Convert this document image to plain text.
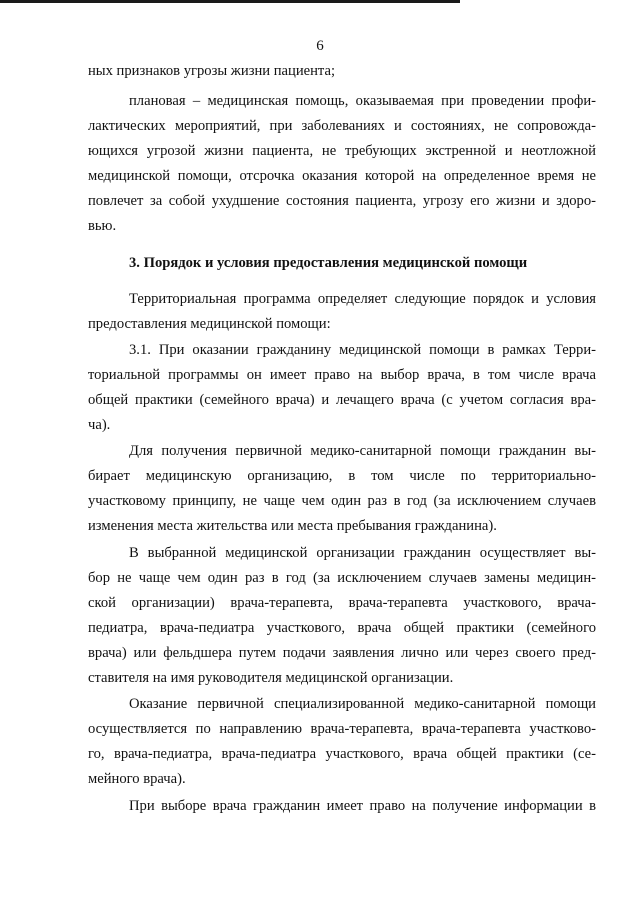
6
ных признаков угрозы жизни пациента;
плановая – медицинская помощь, оказываемая при проведении профи-
лактических мероприятий, при заболеваниях и состояниях, не сопровожда-
ющихся угрозой жизни пациента, не требующих экстренной и неотложной
медицинской помощи, отсрочка оказания которой на определенное время не
повлечет за собой ухудшение состояния пациента, угрозу его жизни и здоро-
вью.
3. Порядок и условия предоставления медицинской помощи
Территориальная программа определяет следующие порядок и условия
предоставления медицинской помощи:
3.1. При оказании гражданину медицинской помощи в рамках Терри-
ториальной программы он имеет право на выбор врача, в том числе врача
общей практики (семейного врача) и лечащего врача (с учетом согласия вра-
ча).
Для получения первичной медико-санитарной помощи гражданин вы-
бирает медицинскую организацию, в том числе по территориально-
участковому принципу, не чаще чем один раз в год (за исключением случаев
изменения места жительства или места пребывания гражданина).
В выбранной медицинской организации гражданин осуществляет вы-
бор не чаще чем один раз в год (за исключением случаев замены медицин-
ской организации) врача-терапевта, врача-терапевта участкового, врача-
педиатра, врача-педиатра участкового, врача общей практики (семейного
врача) или фельдшера путем подачи заявления лично или через своего пред-
ставителя на имя руководителя медицинской организации.
Оказание первичной специализированной медико-санитарной помощи
осуществляется по направлению врача-терапевта, врача-терапевта участково-
го, врача-педиатра, врача-педиатра участкового, врача общей практики (се-
мейного врача).
При выборе врача гражданин имеет право на получение информации в
